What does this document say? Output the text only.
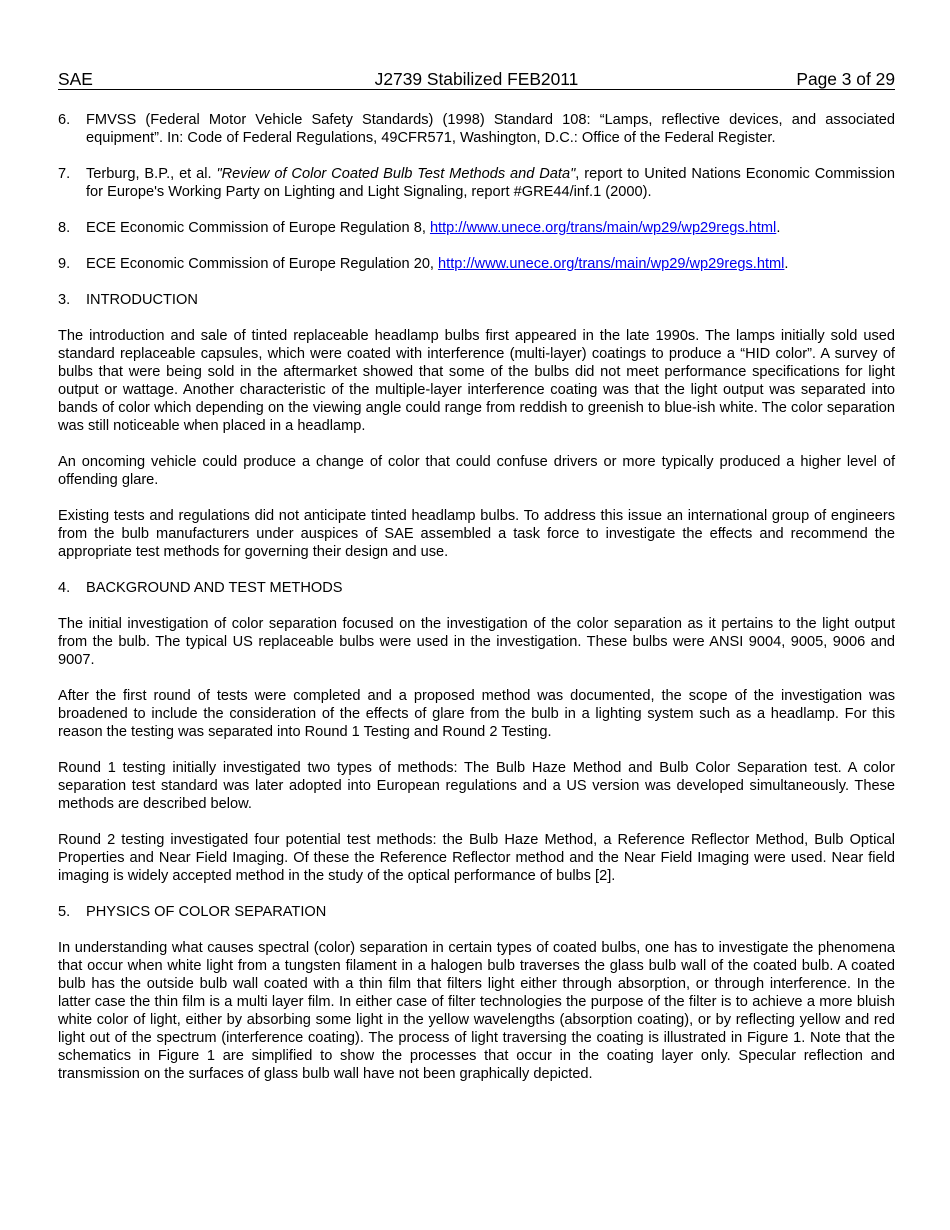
SAE	J2739 Stabilized FEB2011	Page 3 of 29
6. FMVSS (Federal Motor Vehicle Safety Standards) (1998) Standard 108: “Lamps, reflective devices, and associated equipment”. In: Code of Federal Regulations, 49CFR571, Washington, D.C.: Office of the Federal Register.
7. Terburg, B.P., et al. "Review of Color Coated Bulb Test Methods and Data", report to United Nations Economic Commission for Europe's Working Party on Lighting and Light Signaling, report #GRE44/inf.1 (2000).
8. ECE Economic Commission of Europe Regulation 8, http://www.unece.org/trans/main/wp29/wp29regs.html.
9. ECE Economic Commission of Europe Regulation 20, http://www.unece.org/trans/main/wp29/wp29regs.html.
3. INTRODUCTION

The introduction and sale of tinted replaceable headlamp bulbs first appeared in the late 1990s. The lamps initially sold used standard replaceable capsules, which were coated with interference (multi-layer) coatings to produce a “HID color”. A survey of bulbs that were being sold in the aftermarket showed that some of the bulbs did not meet performance specifications for light output or wattage. Another characteristic of the multiple-layer interference coating was that the light output was separated into bands of color which depending on the viewing angle could range from reddish to greenish to blue-ish white. The color separation was still noticeable when placed in a headlamp.

An oncoming vehicle could produce a change of color that could confuse drivers or more typically produced a higher level of offending glare.

Existing tests and regulations did not anticipate tinted headlamp bulbs. To address this issue an international group of engineers from the bulb manufacturers under auspices of SAE assembled a task force to investigate the effects and recommend the appropriate test methods for governing their design and use.

4. BACKGROUND AND TEST METHODS

The initial investigation of color separation focused on the investigation of the color separation as it pertains to the light output from the bulb. The typical US replaceable bulbs were used in the investigation. These bulbs were ANSI 9004, 9005, 9006 and 9007.

After the first round of tests were completed and a proposed method was documented, the scope of the investigation was broadened to include the consideration of the effects of glare from the bulb in a lighting system such as a headlamp. For this reason the testing was separated into Round 1 Testing and Round 2 Testing.

Round 1 testing initially investigated two types of methods: The Bulb Haze Method and Bulb Color Separation test. A color separation test standard was later adopted into European regulations and a US version was developed simultaneously. These methods are described below.

Round 2 testing investigated four potential test methods: the Bulb Haze Method, a Reference Reflector Method, Bulb Optical Properties and Near Field Imaging. Of these the Reference Reflector method and the Near Field Imaging were used. Near field imaging is widely accepted method in the study of the optical performance of bulbs [2].

5. PHYSICS OF COLOR SEPARATION

In understanding what causes spectral (color) separation in certain types of coated bulbs, one has to investigate the phenomena that occur when white light from a tungsten filament in a halogen bulb traverses the glass bulb wall of the coated bulb. A coated bulb has the outside bulb wall coated with a thin film that filters light either through absorption, or through interference. In the latter case the thin film is a multi layer film. In either case of filter technologies the purpose of the filter is to achieve a more bluish white color of light, either by absorbing some light in the yellow wavelengths (absorption coating), or by reflecting yellow and red light out of the spectrum (interference coating). The process of light traversing the coating is illustrated in Figure 1. Note that the schematics in Figure 1 are simplified to show the processes that occur in the coating layer only. Specular reflection and transmission on the surfaces of glass bulb wall have not been graphically depicted.
